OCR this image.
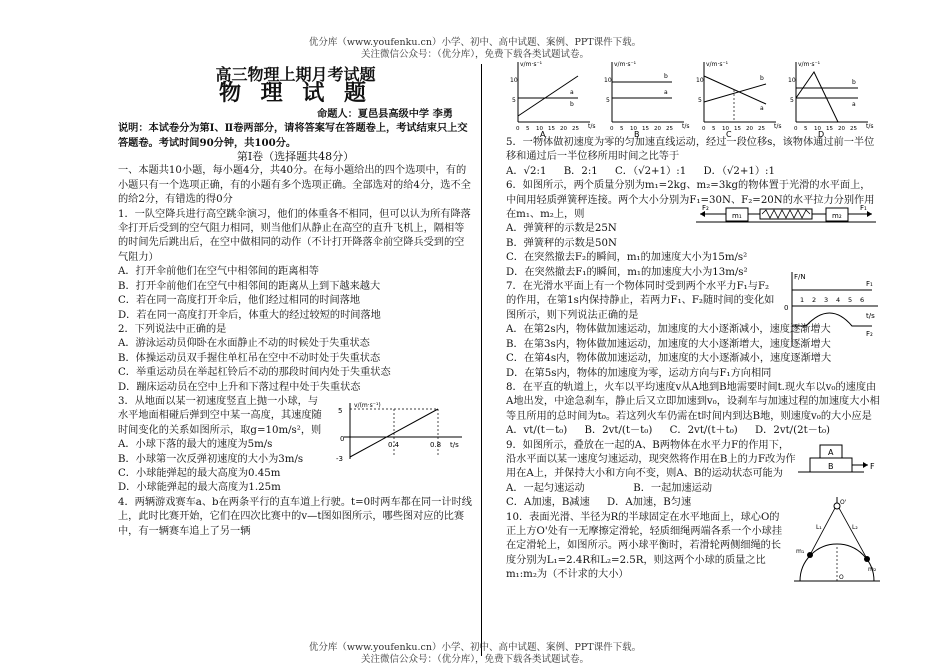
优分库（www.youfenku.cn）小学、初中、高中试题、案例、PPT课件下载。
关注微信公众号：（优分库），免费下载各类试题试卷。
高三物理上期月考试题
物 理 试 题

命题人：夏邑县高级中学 李勇

说明：本试卷分为第Ⅰ、Ⅱ卷两部分，请将答案写在答题卷上，考试结束只上交答题卷。考试时间90分钟，共100分。

第Ⅰ卷（选择题共48分）

一、本题共10小题，每小题4分，共40分。在每小题给出的四个选项中，有的小题只有一个选项正确，有的小题有多个选项正确。全部选对的给4分，选不全的给2分，有错选的得0分

1．一队空降兵进行高空跳伞演习，他们的体重各不相同，但可以认为所有降落伞打开后受到的空气阻力相同，则当他们从静止在高空的直升飞机上，隔相等的时间先后跳出后，在空中做相同的动作（不计打开降落伞前空降兵受到的空气阻力）

A．打开伞前他们在空气中相邻间的距离相等

B．打开伞前他们在空气中相邻间的距离从上到下越来越大

C．若在同一高度打开伞后，他们经过相同的时间落地

D．若在同一高度打开伞后，体重大的经过较短的时间落地

2．下列说法中正确的是

A．游泳运动员仰卧在水面静止不动的时候处于失重状态

B．体操运动员双手握住单杠吊在空中不动时处于失重状态

C．举重运动员在举起杠铃后不动的那段时间内处于失重状态

D．蹦床运动员在空中上升和下落过程中处于失重状态

3．从地面以某一初速度竖直上抛一小球，与水平地面相碰后弹到空中某一高度，其速度随时间变化的关系如图所示，取g=10m/s²，则

A．小球下落的最大的速度为5m/s

B．小球第一次反弹初速度的大小为3m/s

C．小球能弹起的最大高度为0.45m

D．小球能弹起的最大高度为1.25m

v/(m·s⁻¹)
t/s
5
0
-3
0.4	0.8

4．两辆游戏赛车a、b在两条平行的直车道上行驶。t=0时两车都在同一计时线上，此时比赛开始，它们在四次比赛中的v—t图如图所示，哪些图对应的比赛中，有一辆赛车追上了另一辆

v/m·s⁻¹
t/s
10
5
0 5 10 15 20 25
a
b
v/m·s⁻¹
t/s
10
5
0 5 10 15 20 25
b
a
v/m·s⁻¹
t/s
10
5
0 5 10 15 20 25
b
a
v/m·s⁻¹
t/s
10
5
0 5 10 15 20 25
b
a
A	B	C	D

5．一物体做初速度为零的匀加速直线运动，经过一段位移s，该物体通过前一半位移和通过后一半位移所用时间之比等于

A．√2:1 B．2:1 C．（√2+1）:1 D．（√2+1）:1

6．如图所示，两个质量分别为m₁=2kg、m₂=3kg的物体置于光滑的水平面上，中间用轻质弹簧秤连接。两个大小分别为F₁=30N、F₂=20N的水平拉力分别作用在m₁、m₂上，则

A．弹簧秤的示数是25N

B．弹簧秤的示数是50N

C．在突然撤去F₂的瞬间，m₁的加速度大小为15m/s²

D．在突然撤去F₁的瞬间，m₁的加速度大小为13m/s²

F₂
m₁	m₂
F₁

7．在光滑水平面上有一个物体同时受到两个水平力F₁与F₂的作用，在第1s内保持静止，若两力F₁、F₂随时间的变化如图所示，则下列说法正确的是

F/N
t/s
0
1 2 3 4 5 6
F₁
F₂

A．在第2s内，物体做加速运动，加速度的大小逐渐减小，速度逐渐增大

B．在第3s内，物体做加速运动，加速度的大小逐渐增大，速度逐渐增大

C．在第4s内，物体做加速运动，加速度的大小逐渐减小，速度逐渐增大

D．在第5s内，物体的加速度为零，运动方向与F₁方向相同

8．在平直的轨道上，火车以平均速度v从A地到B地需要时间t.现火车以v₀的速度由A地出发，中途急刹车，静止后又立即加速到v₀，设刹车与加速过程的加速度大小相等且所用的总时间为t₀。若这列火车仍需在t时间内到达B地，则速度v₀的大小应是

A．vt/(t－t₀) B．2vt/(t－t₀) C．2vt/(t＋t₀) D．2vt/(2t－t₀)

9．如图所示，叠放在一起的A、B两物体在水平力F的作用下，沿水平面以某一速度匀速运动，现突然将作用在B上的力F改为作用在A上，并保持大小和方向不变，则A、B的运动状态可能为

A
B	F

A．一起匀速运动	B．一起加速运动

C．A加速，B减速 D．A加速，B匀速

10．表面光滑、半径为R的半球固定在水平地面上，球心O的正上方O'处有一无摩擦定滑轮，轻质细绳两端各系一个小球挂在定滑轮上，如图所示。两小球平衡时，若滑轮两侧细绳的长度分别为L₁=2.4R和L₂=2.5R，则这两个小球的质量之比m₁:m₂为（不计求的大小）

O'
O
L₁	L₂
m₁
m₂
优分库（www.youfenku.cn）小学、初中、高中试题、案例、PPT课件下载。
关注微信公众号：（优分库），免费下载各类试题试卷。
